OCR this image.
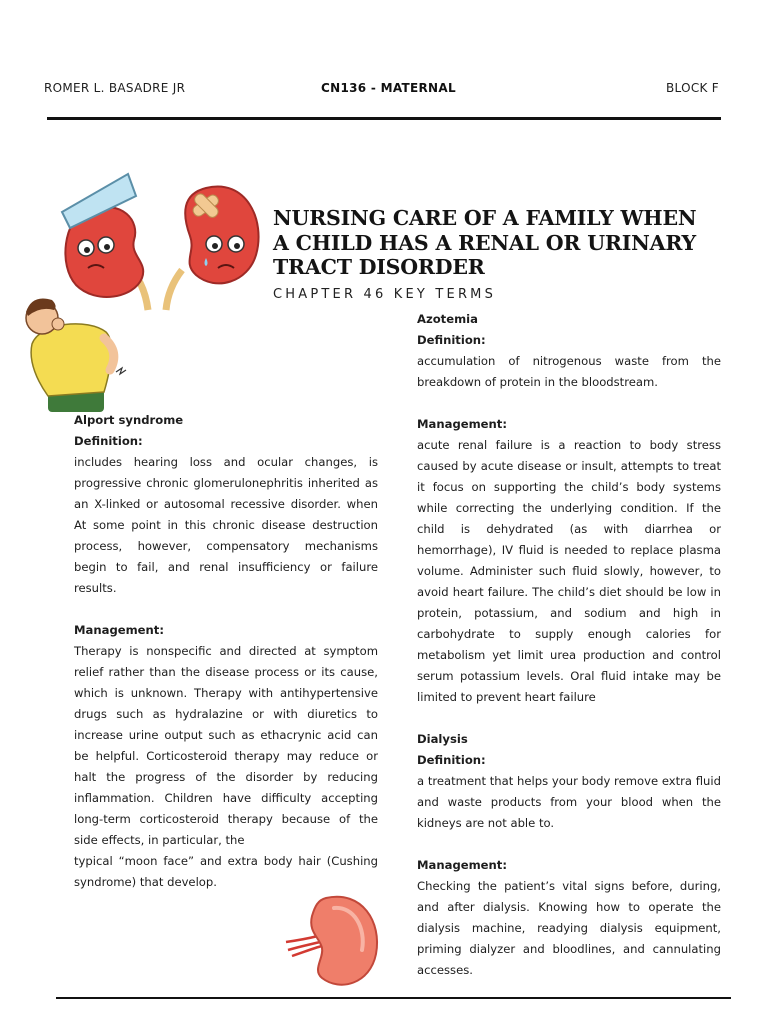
ROMER L. BASADRE JR	CN136 - MATERNAL	BLOCK F
NURSING CARE OF A FAMILY WHEN A CHILD HAS A RENAL OR URINARY TRACT DISORDER
CHAPTER 46 KEY TERMS

Alport syndrome

Definition:

includes hearing loss and ocular changes, is progressive chronic glomerulonephritis inherited as an X-linked or autosomal recessive disorder. when At some point in this chronic disease destruction process, however, compensatory mechanisms begin to fail, and renal insufficiency or failure results.

Management:

Therapy is nonspecific and directed at symptom relief rather than the disease process or its cause, which is unknown. Therapy with antihypertensive drugs such as hydralazine or with diuretics to increase urine output such as ethacrynic acid can be helpful. Corticosteroid therapy may reduce or halt the progress of the disorder by reducing inflammation. Children have difficulty accepting long-term corticosteroid therapy because of the side effects, in particular, the

typical “moon face” and extra body hair (Cushing syndrome) that develop.

Azotemia

Definition:

accumulation of nitrogenous waste from the breakdown of protein in the bloodstream.

Management:

acute renal failure is a reaction to body stress caused by acute disease or insult, attempts to treat it focus on supporting the child’s body systems while correcting the underlying condition. If the child is dehydrated (as with diarrhea or hemorrhage), IV fluid is needed to replace plasma volume. Administer such fluid slowly, however, to avoid heart failure. The child’s diet should be low in protein, potassium, and sodium and high in carbohydrate to supply enough calories for metabolism yet limit urea production and control serum potassium levels. Oral fluid intake may be limited to prevent heart failure

Dialysis

Definition:

a treatment that helps your body remove extra fluid and waste products from your blood when the kidneys are not able to.

Management:

Checking the patient’s vital signs before, during, and after dialysis. Knowing how to operate the dialysis machine, readying dialysis equipment, priming dialyzer and bloodlines, and cannulating accesses.
